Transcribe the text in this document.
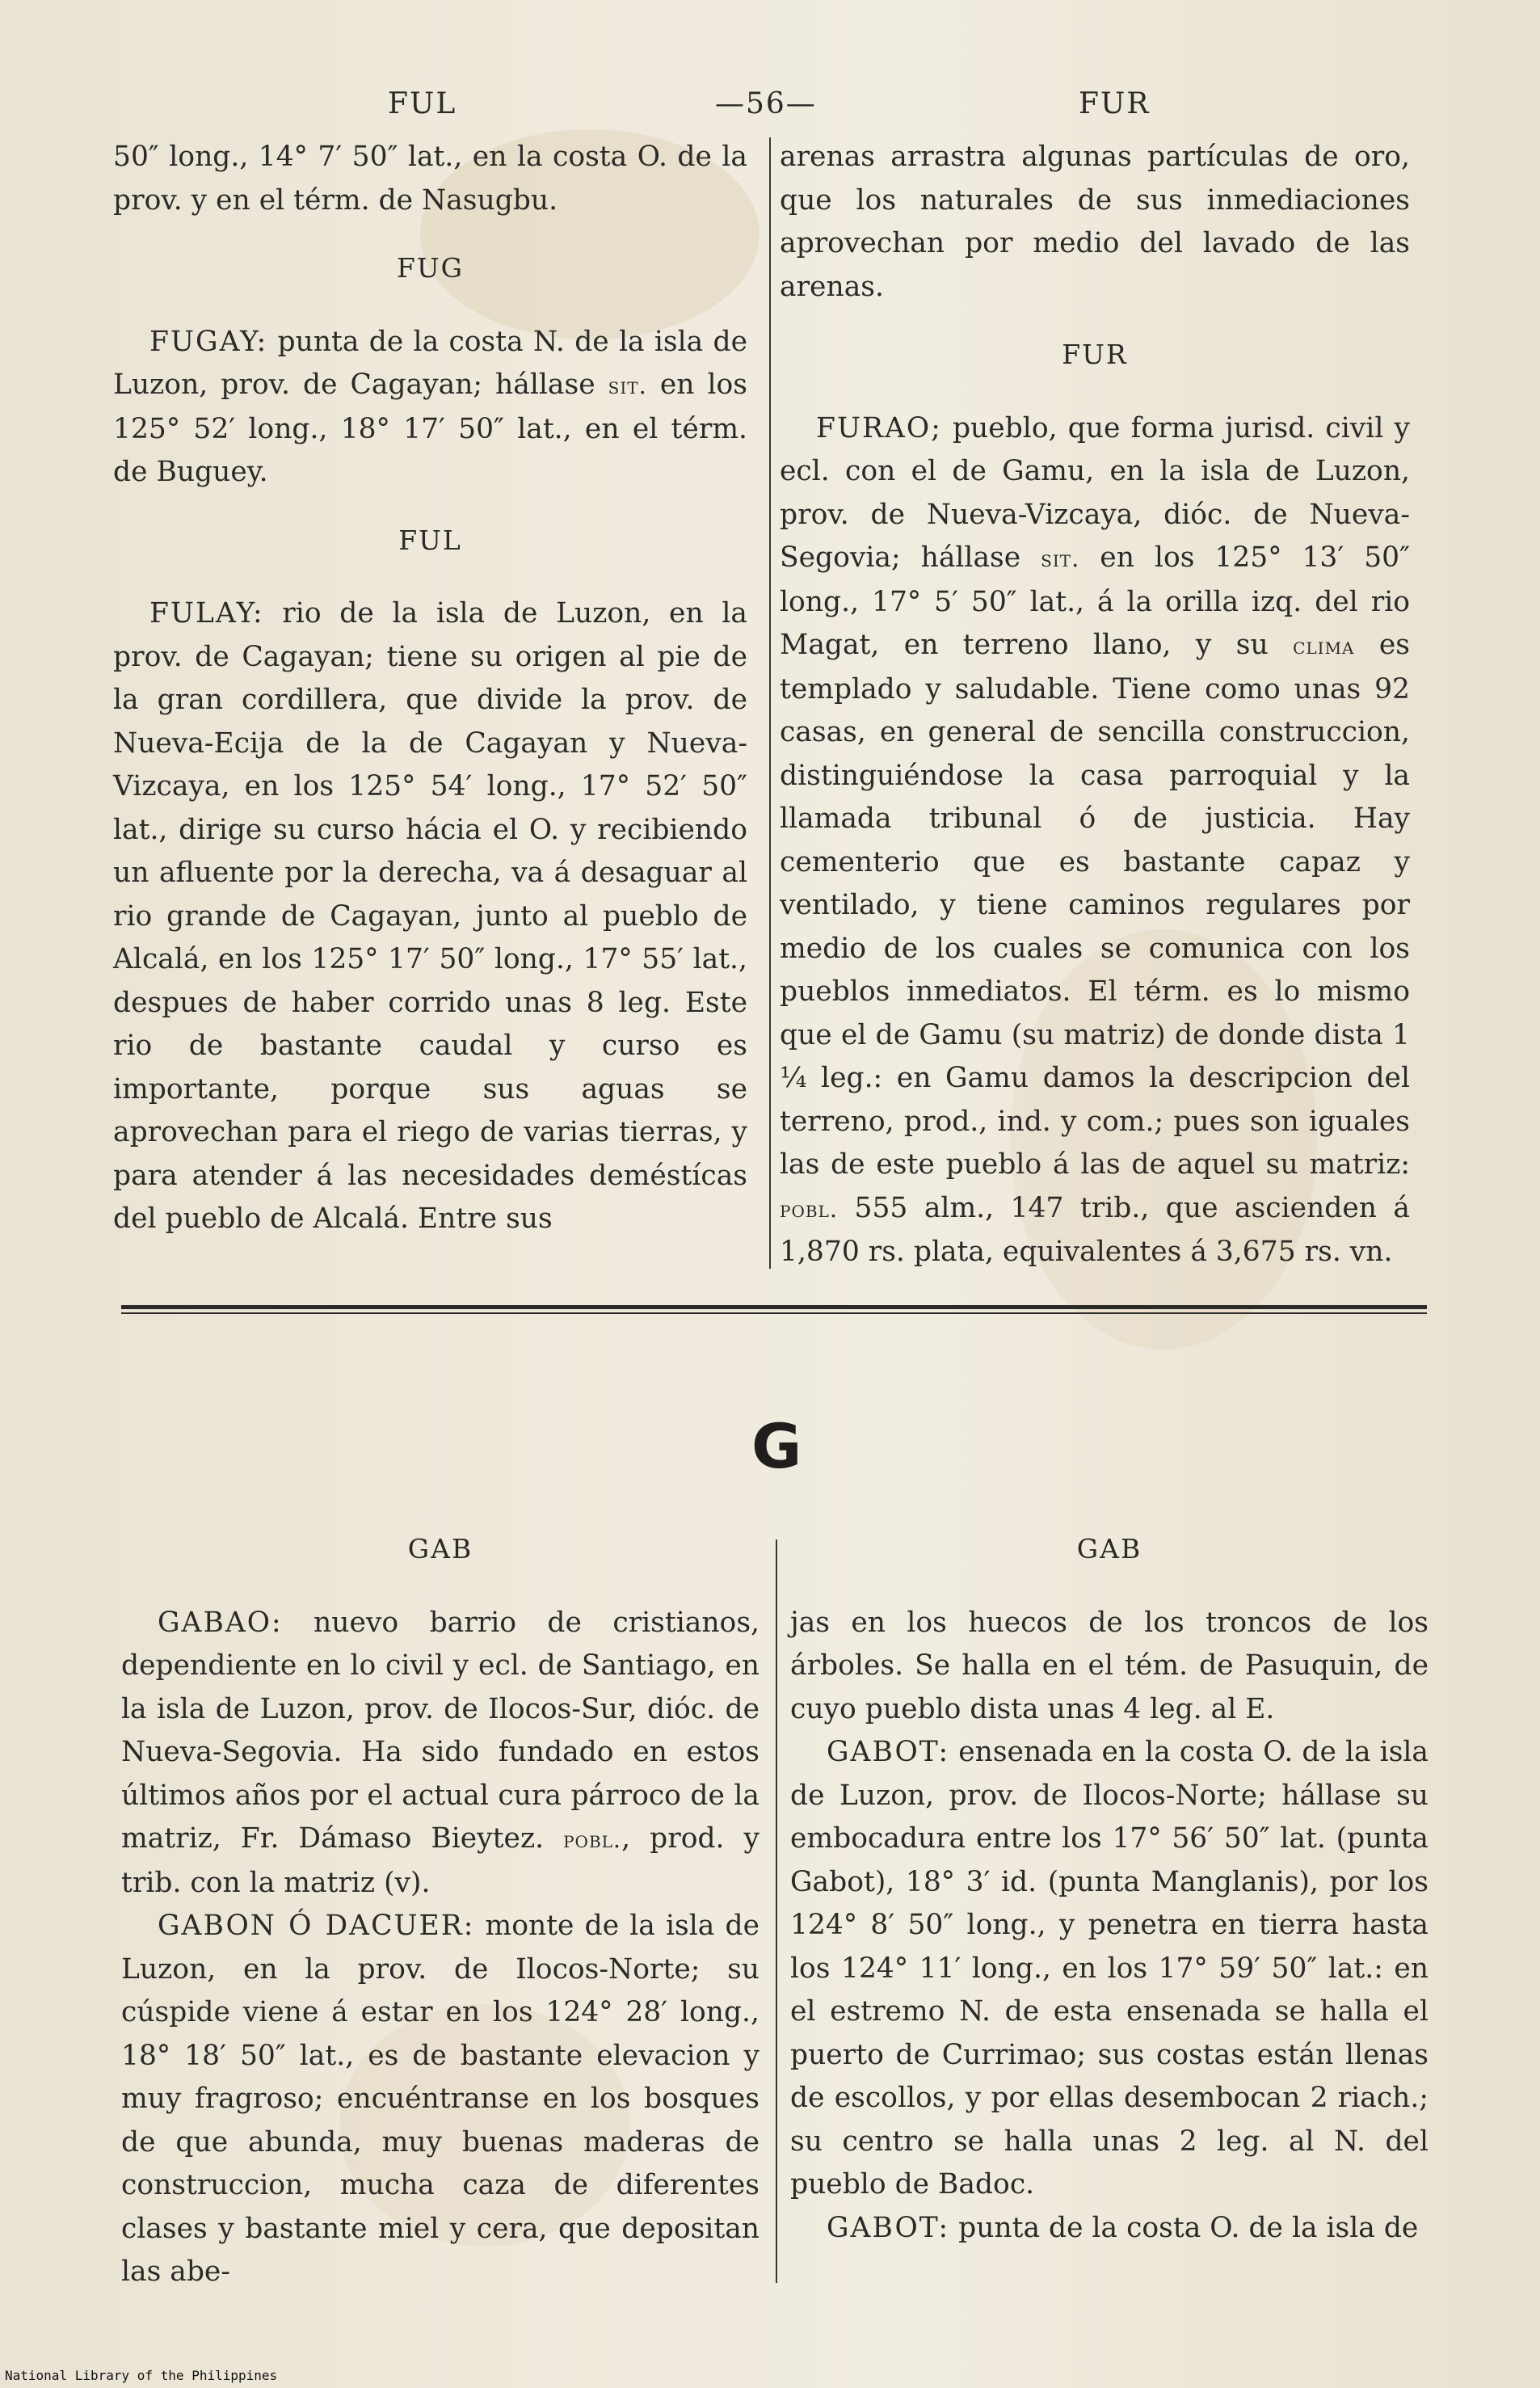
FUL	—56—	FUR

50″ long., 14° 7′ 50″ lat., en la costa O. de la prov. y en el térm. de Nasugbu.

FUG

FUGAY: punta de la costa N. de la isla de Luzon, prov. de Cagayan; hállase sit. en los 125° 52′ long., 18° 17′ 50″ lat., en el térm. de Buguey.

FUL

FULAY: rio de la isla de Luzon, en la prov. de Cagayan; tiene su origen al pie de la gran cordillera, que divide la prov. de Nueva-Ecija de la de Cagayan y Nueva-Vizcaya, en los 125° 54′ long., 17° 52′ 50″ lat., dirige su curso hácia el O. y recibiendo un afluente por la derecha, va á desaguar al rio grande de Cagayan, junto al pueblo de Alcalá, en los 125° 17′ 50″ long., 17° 55′ lat., despues de haber corrido unas 8 leg. Este rio de bastante caudal y curso es importante, porque sus aguas se aprovechan para el riego de varias tierras, y para atender á las necesidades deméstícas del pueblo de Alcalá. Entre sus

arenas arrastra algunas partículas de oro, que los naturales de sus inmediaciones aprovechan por medio del lavado de las arenas.

FUR

FURAO; pueblo, que forma jurisd. civil y ecl. con el de Gamu, en la isla de Luzon, prov. de Nueva-Vizcaya, dióc. de Nueva-Segovia; hállase sit. en los 125° 13′ 50″ long., 17° 5′ 50″ lat., á la orilla izq. del rio Magat, en terreno llano, y su clima es templado y saludable. Tiene como unas 92 casas, en general de sencilla construccion, distinguiéndose la casa parroquial y la llamada tribunal ó de justicia. Hay cementerio que es bastante capaz y ventilado, y tiene caminos regulares por medio de los cuales se comunica con los pueblos inmediatos. El térm. es lo mismo que el de Gamu (su matriz) de donde dista 1 ¼ leg.: en Gamu damos la descripcion del terreno, prod., ind. y com.; pues son iguales las de este pueblo á las de aquel su matriz: pobl. 555 alm., 147 trib., que ascienden á 1,870 rs. plata, equivalentes á 3,675 rs. vn.

G
GAB

GABAO: nuevo barrio de cristianos, dependiente en lo civil y ecl. de Santiago, en la isla de Luzon, prov. de Ilocos-Sur, dióc. de Nueva-Segovia. Ha sido fundado en estos últimos años por el actual cura párroco de la matriz, Fr. Dámaso Bieytez. pobl., prod. y trib. con la matriz (v).

GABON Ó DACUER: monte de la isla de Luzon, en la prov. de Ilocos-Norte; su cúspide viene á estar en los 124° 28′ long., 18° 18′ 50″ lat., es de bastante elevacion y muy fragroso; encuéntranse en los bosques de que abunda, muy buenas maderas de construccion, mucha caza de diferentes clases y bastante miel y cera, que depositan las abe-

GAB

jas en los huecos de los troncos de los árboles. Se halla en el tém. de Pasuquin, de cuyo pueblo dista unas 4 leg. al E.

GABOT: ensenada en la costa O. de la isla de Luzon, prov. de Ilocos-Norte; hállase su embocadura entre los 17° 56′ 50″ lat. (punta Gabot), 18° 3′ id. (punta Manglanis), por los 124° 8′ 50″ long., y penetra en tierra hasta los 124° 11′ long., en los 17° 59′ 50″ lat.: en el estremo N. de esta ensenada se halla el puerto de Currimao; sus costas están llenas de escollos, y por ellas desembocan 2 riach.; su centro se halla unas 2 leg. al N. del pueblo de Badoc.

GABOT: punta de la costa O. de la isla de

National Library of the Philippines
